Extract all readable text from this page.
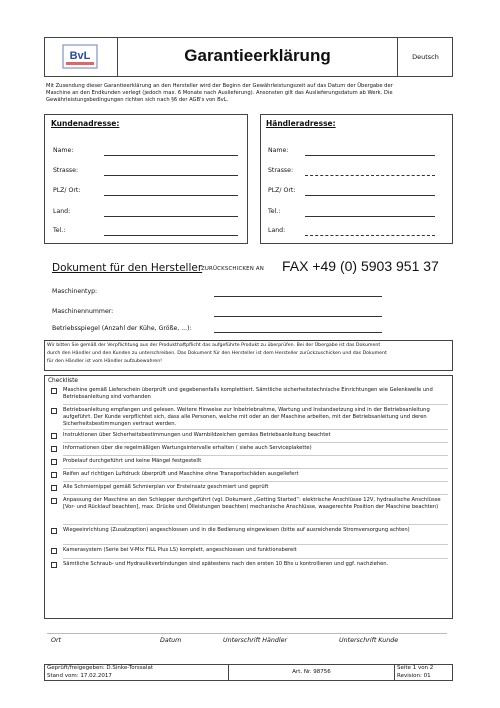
BvL	Garantieerklärung	Deutsch
Mit Zusendung dieser Garantieerklärung an den Hersteller wird der Beginn der Gewährleistungszeit auf das Datum der Übergabe der
Maschine an den Endkunden verlegt (jedoch max. 6 Monate nach Auslieferung). Ansonsten gilt das Auslieferungsdatum ab Werk. Die
Gewährleistungsbedingungen richten sich nach §6 der AGB's von BvL.
Kundenadresse:	Händleradresse:
Name:
Strasse:
PLZ/ Ort:
Land:
Tel.:
Name:
Strasse:
PLZ/ Ort:
Tel.:
Land:
Dokument für den Hersteller
ZURÜCKSCHICKEN AN FAX +49 (0) 5903 951 37
Maschinentyp:
Maschinennummer:
Betriebsspiegel (Anzahl der Kühe, Größe, ...):
Wir bitten Sie gemäß der Verpflichtung aus der Produkthaftpflicht das aufgeführte Produkt zu überprüfen. Bei der Übergabe ist das Dokument
durch den Händler und den Kunden zu unterschreiben. Das Dokument für den Hersteller ist dem Hersteller zurückzuschicken und das Dokument
für den Händler ist vom Händler aufzubewahren!
Checkliste
Maschine gemäß Lieferschein überprüft und gegebenenfalls komplettiert. Sämtliche sicherheitstechnische Einrichtungen wie Gelenkwelle und Betriebsanleitung sind vorhanden
Betriebsanleitung empfangen und gelesen. Weitere Hinweise zur Inbetriebnahme, Wartung und Instandsetzung sind in der Betriebsanleitung aufgeführt. Der Kunde verpflichtet sich, dass alle Personen, welche mit oder an der Maschine arbeiten, mit der Betriebsanleitung und deren Sicherheitsbestimmungen vertraut werden.
Instruktionen über Sicherheitsbestimmungen und Warnbildzeichen gemäss Betriebsanleitung beachtet
Informationen über die regelmäßigen Wartungsintervalle erhalten ( siehe auch Serviceplakette)
Probelauf durchgeführt und keine Mängel festgestellt
Reifen auf richtigen Luftdruck überprüft und Maschine ohne Transportschäden ausgeliefert
Alle Schmiernippel gemäß Schmierplan vor Ersteinsatz geschmiert und geprüft
Anpassung der Maschine an den Schlepper durchgeführt (vgl. Dokument „Getting Started“: elektrische Anschlüsse 12V, hydraulische Anschlüsse [Vor- und Rücklauf beachten], max. Drücke und Ölleistungen beachten) mechanische Anschlüsse, waagerechte Position der Maschine beachten)
Wiegeeinrichtung (Zusatzoption) angeschlossen und in die Bedienung eingewiesen (bitte auf ausreichende Stromversorgung achten)
Kamerasystem (Serie bei V-Mix FILL Plus LS) komplett, angeschlossen und funktionsbereit
Sämtliche Schraub- und Hydraulikverbindungen sind spätestens nach den ersten 10 Bhs u kontrollieren und ggf. nachziehen.
Ort	Datum	Unterschrift Händler	Unterschrift Kunde
Geprüft/freigegeben: D.Sinke-Torssalat
Stand vom: 17.02.2017
Art. Nr. 98756
Seite 1 von 2
Revision: 01
